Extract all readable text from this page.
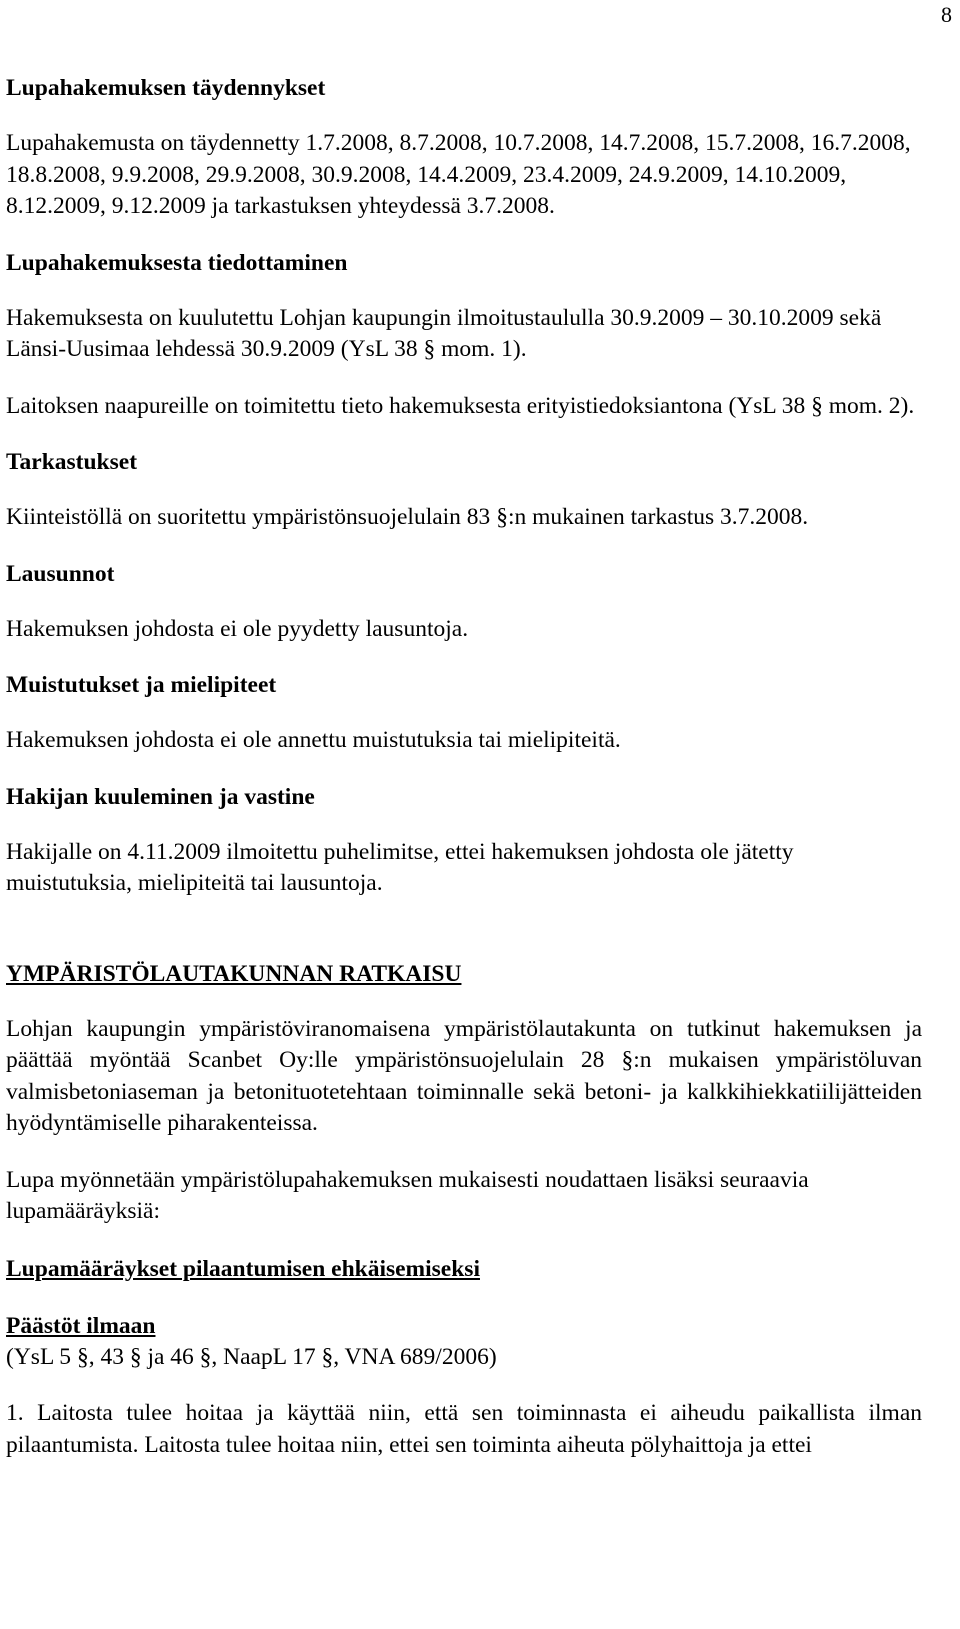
8

Lupahakemuksen täydennykset

Lupahakemusta on täydennetty 1.7.2008, 8.7.2008, 10.7.2008, 14.7.2008, 15.7.2008, 16.7.2008, 18.8.2008, 9.9.2008, 29.9.2008, 30.9.2008, 14.4.2009, 23.4.2009, 24.9.2009, 14.10.2009, 8.12.2009, 9.12.2009 ja tarkastuksen yhteydessä 3.7.2008.

Lupahakemuksesta tiedottaminen

Hakemuksesta on kuulutettu Lohjan kaupungin ilmoitustaululla 30.9.2009 – 30.10.2009 sekä Länsi-Uusimaa lehdessä 30.9.2009 (YsL 38 § mom. 1).

Laitoksen naapureille on toimitettu tieto hakemuksesta erityistiedoksiantona (YsL 38 § mom. 2).

Tarkastukset

Kiinteistöllä on suoritettu ympäristönsuojelulain 83 §:n mukainen tarkastus 3.7.2008.

Lausunnot

Hakemuksen johdosta ei ole pyydetty lausuntoja.

Muistutukset ja mielipiteet

Hakemuksen johdosta ei ole annettu muistutuksia tai mielipiteitä.

Hakijan kuuleminen ja vastine

Hakijalle on 4.11.2009 ilmoitettu puhelimitse, ettei hakemuksen johdosta ole jätetty muistutuksia, mielipiteitä tai lausuntoja.

YMPÄRISTÖLAUTAKUNNAN RATKAISU

Lohjan kaupungin ympäristöviranomaisena ympäristölautakunta on tutkinut hakemuksen ja päättää myöntää Scanbet Oy:lle ympäristönsuojelulain 28 §:n mukaisen ympäristöluvan valmisbetoniaseman ja betonituotetehtaan toiminnalle sekä betoni- ja kalkkihiekkatiilijätteiden hyödyntämiselle piharakenteissa.

Lupa myönnetään ympäristölupahakemuksen mukaisesti noudattaen lisäksi seuraavia lupamääräyksiä:

Lupamääräykset pilaantumisen ehkäisemiseksi

Päästöt ilmaan

(YsL 5 §, 43 § ja 46 §, NaapL 17 §, VNA 689/2006)

1. Laitosta tulee hoitaa ja käyttää niin, että sen toiminnasta ei aiheudu paikallista ilman pilaantumista. Laitosta tulee hoitaa niin, ettei sen toiminta aiheuta pölyhaittoja ja ettei
